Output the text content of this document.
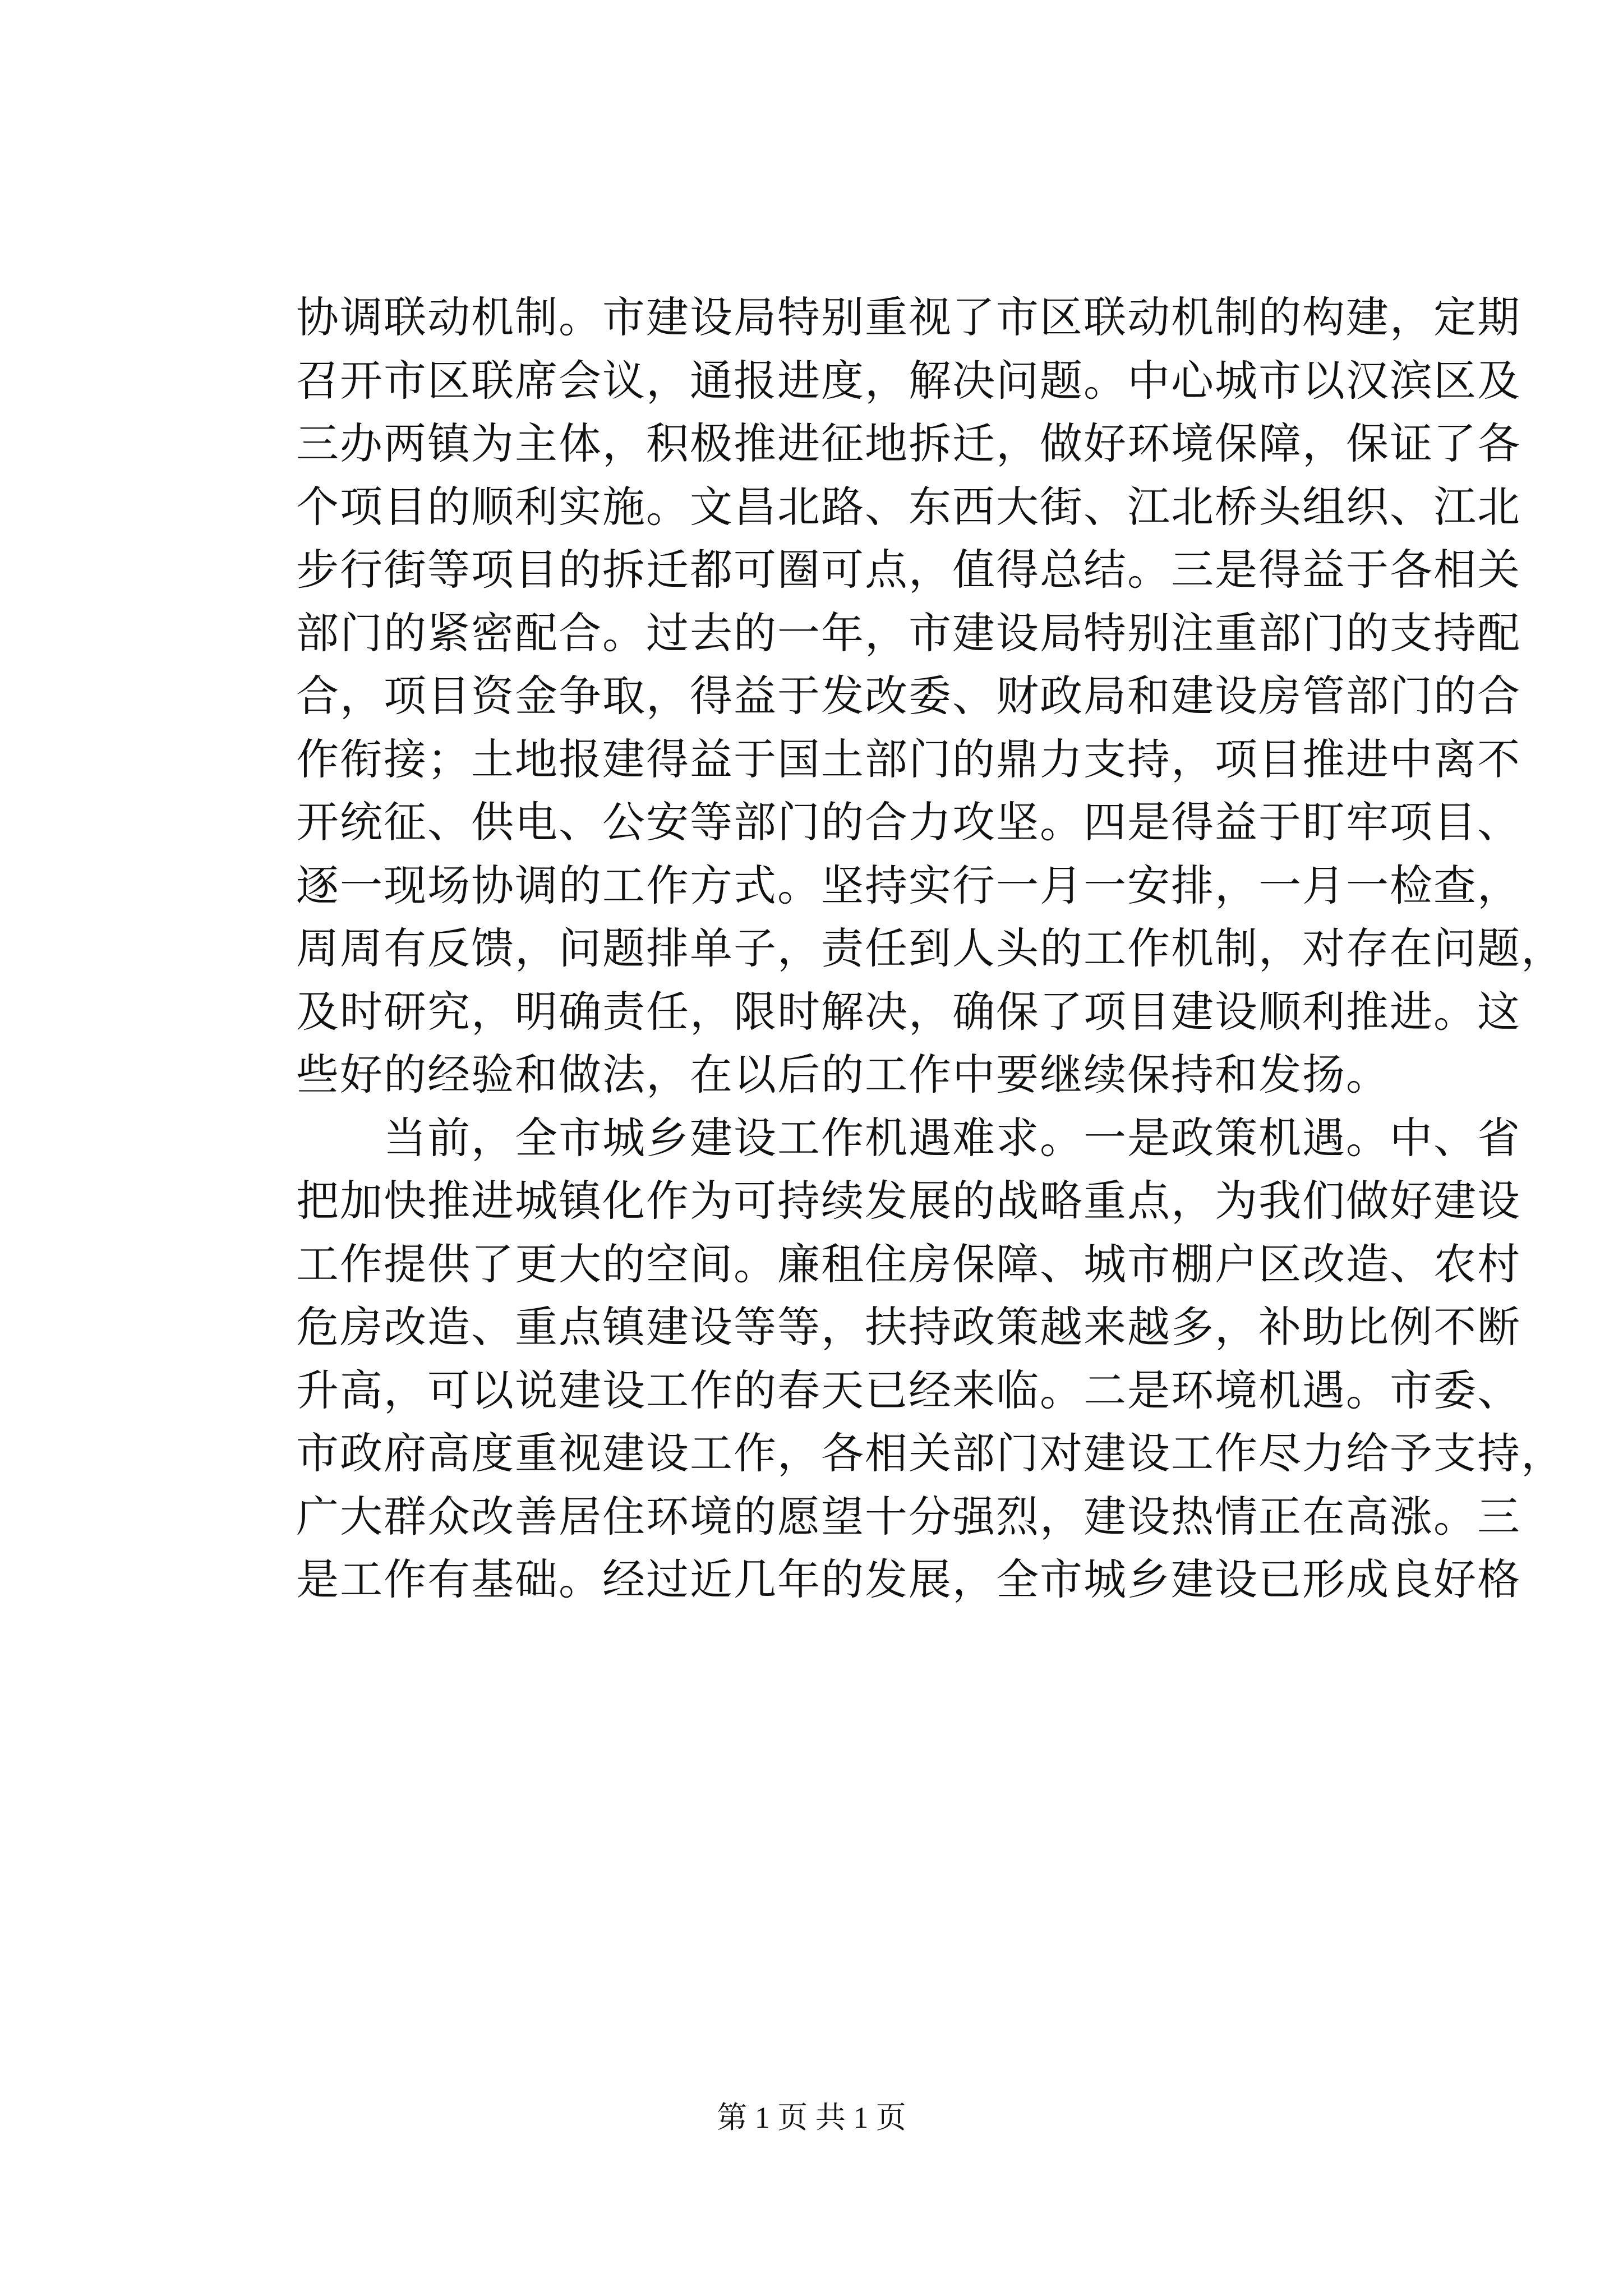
协调联动机制。市建设局特别重视了市区联动机制的构建，定期
召开市区联席会议，通报进度，解决问题。中心城市以汉滨区及
三办两镇为主体，积极推进征地拆迁，做好环境保障，保证了各
个项目的顺利实施。文昌北路、东西大街、江北桥头组织、江北
步行街等项目的拆迁都可圈可点，值得总结。三是得益于各相关
部门的紧密配合。过去的一年，市建设局特别注重部门的支持配
合，项目资金争取，得益于发改委、财政局和建设房管部门的合
作衔接；土地报建得益于国土部门的鼎力支持，项目推进中离不
开统征、供电、公安等部门的合力攻坚。四是得益于盯牢项目、
逐一现场协调的工作方式。坚持实行一月一安排，一月一检查，
周周有反馈，问题排单子，责任到人头的工作机制，对存在问题，
及时研究，明确责任，限时解决，确保了项目建设顺利推进。这
些好的经验和做法，在以后的工作中要继续保持和发扬。
　　当前，全市城乡建设工作机遇难求。一是政策机遇。中、省
把加快推进城镇化作为可持续发展的战略重点，为我们做好建设
工作提供了更大的空间。廉租住房保障、城市棚户区改造、农村
危房改造、重点镇建设等等，扶持政策越来越多，补助比例不断
升高，可以说建设工作的春天已经来临。二是环境机遇。市委、
市政府高度重视建设工作，各相关部门对建设工作尽力给予支持，
广大群众改善居住环境的愿望十分强烈，建设热情正在高涨。三
是工作有基础。经过近几年的发展，全市城乡建设已形成良好格
第 1 页 共 1 页
